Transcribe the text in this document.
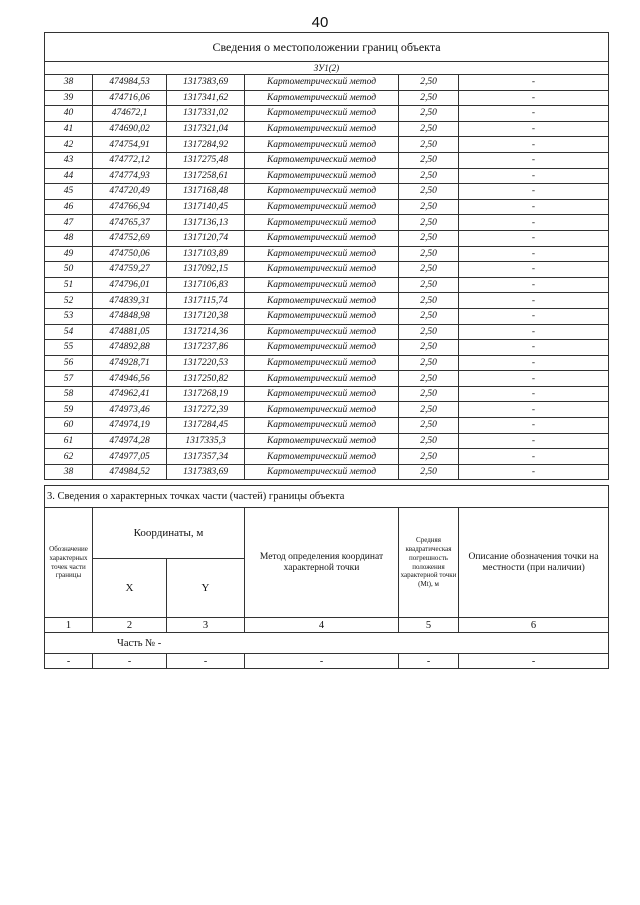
40
Сведения о местоположении границ объекта					
ЗУ1(2)					
38	474984,53	1317383,69	Картометрический метод	2,50	-
39	474716,06	1317341,62	Картометрический метод	2,50	-
40	474672,1	1317331,02	Картометрический метод	2,50	-
41	474690,02	1317321,04	Картометрический метод	2,50	-
42	474754,91	1317284,92	Картометрический метод	2,50	-
43	474772,12	1317275,48	Картометрический метод	2,50	-
44	474774,93	1317258,61	Картометрический метод	2,50	-
45	474720,49	1317168,48	Картометрический метод	2,50	-
46	474766,94	1317140,45	Картометрический метод	2,50	-
47	474765,37	1317136,13	Картометрический метод	2,50	-
48	474752,69	1317120,74	Картометрический метод	2,50	-
49	474750,06	1317103,89	Картометрический метод	2,50	-
50	474759,27	1317092,15	Картометрический метод	2,50	-
51	474796,01	1317106,83	Картометрический метод	2,50	-
52	474839,31	1317115,74	Картометрический метод	2,50	-
53	474848,98	1317120,38	Картометрический метод	2,50	-
54	474881,05	1317214,36	Картометрический метод	2,50	-
55	474892,88	1317237,86	Картометрический метод	2,50	-
56	474928,71	1317220,53	Картометрический метод	2,50	-
57	474946,56	1317250,82	Картометрический метод	2,50	-
58	474962,41	1317268,19	Картометрический метод	2,50	-
59	474973,46	1317272,39	Картометрический метод	2,50	-
60	474974,19	1317284,45	Картометрический метод	2,50	-
61	474974,28	1317335,3	Картометрический метод	2,50	-
62	474977,05	1317357,34	Картометрический метод	2,50	-
38	474984,52	1317383,69	Картометрический метод	2,50	-
3. Сведения о характерных точках части (частей) границы объекта					
Обозначение характерных точек части границы	Координаты, м		Метод определения координат характерной точки	Средняя квадратическая погрешность положения характерной точки (Mt), м	Описание обозначения точки на местности (при наличии)
	X	Y			
1	2	3	4	5	6
Часть № -					
-	-	-	-	-	-
